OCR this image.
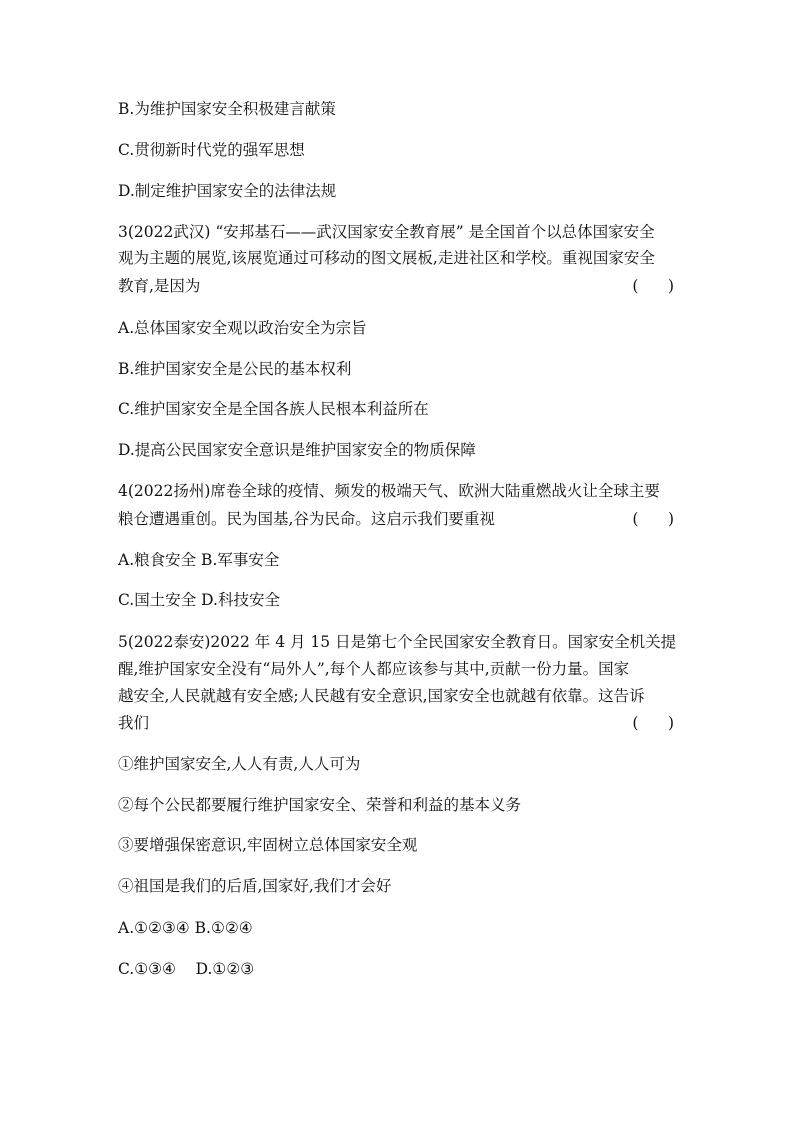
B.为维护国家安全积极建言献策
C.贯彻新时代党的强军思想
D.制定维护国家安全的法律法规
3(2022武汉) “安邦基石——武汉国家安全教育展” 是全国首个以总体国家安全
观为主题的展览,该展览通过可移动的图文展板,走进社区和学校。重视国家安全
教育,是因为	(      )
A.总体国家安全观以政治安全为宗旨
B.维护国家安全是公民的基本权利
C.维护国家安全是全国各族人民根本利益所在
D.提高公民国家安全意识是维护国家安全的物质保障
4(2022扬州)席卷全球的疫情、频发的极端天气、欧洲大陆重燃战火让全球主要
粮仓遭遇重创。民为国基,谷为民命。这启示我们要重视	(      )
A.粮食安全 B.军事安全
C.国土安全 D.科技安全
5(2022泰安)2022 年 4 月 15 日是第七个全民国家安全教育日。国家安全机关提
醒,维护国家安全没有“局外人”,每个人都应该参与其中,贡献一份力量。国家
越安全,人民就越有安全感;人民越有安全意识,国家安全也就越有依靠。这告诉
我们	(      )
①维护国家安全,人人有责,人人可为
②每个公民都要履行维护国家安全、荣誉和利益的基本义务
③要增强保密意识,牢固树立总体国家安全观
④祖国是我们的后盾,国家好,我们才会好
A.①②③④ B.①②④
C.①③④    D.①②③
